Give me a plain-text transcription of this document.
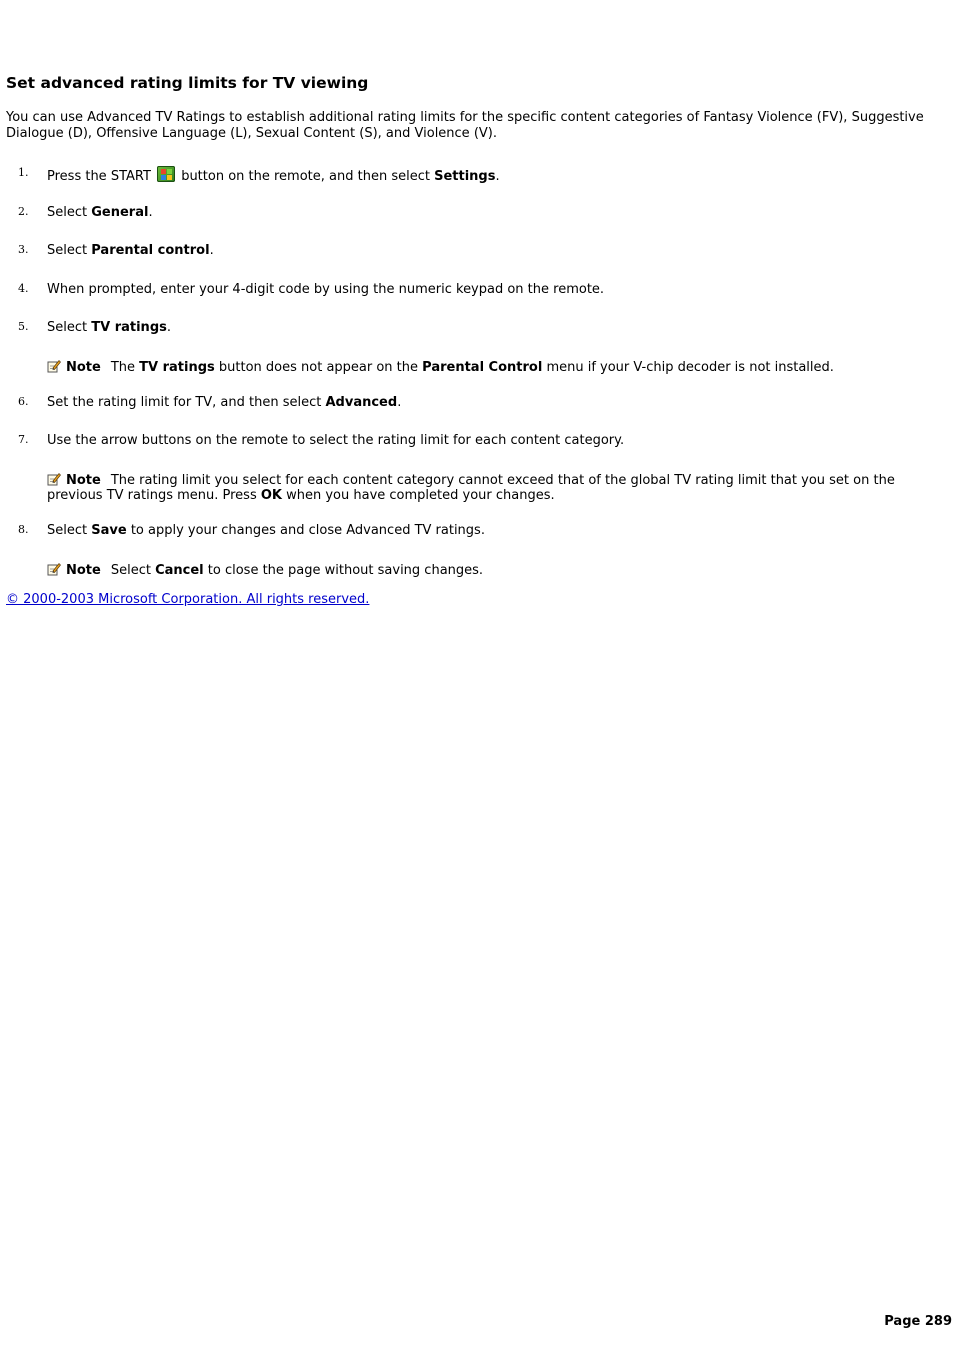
Set advanced rating limits for TV viewing

You can use Advanced TV Ratings to establish additional rating limits for the specific content categories of Fantasy Violence (FV), Suggestive Dialogue (D), Offensive Language (L), Sexual Content (S), and Violence (V).

1. Press the START
button on the remote, and then select Settings.
2. Select General.
3. Select Parental control.
4. When prompted, enter your 4-digit code by using the numeric keypad on the remote.
5. Select TV ratings.
Note The TV ratings button does not appear on the Parental Control menu if your V-chip decoder is not installed.
6. Set the rating limit for TV, and then select Advanced.
7. Use the arrow buttons on the remote to select the rating limit for each content category.
Note The rating limit you select for each content category cannot exceed that of the global TV rating limit that you set on the previous TV ratings menu. Press OK when you have completed your changes.
8. Select Save to apply your changes and close Advanced TV ratings.
Note Select Cancel to close the page without saving changes.
© 2000-2003 Microsoft Corporation. All rights reserved.
Page 289
